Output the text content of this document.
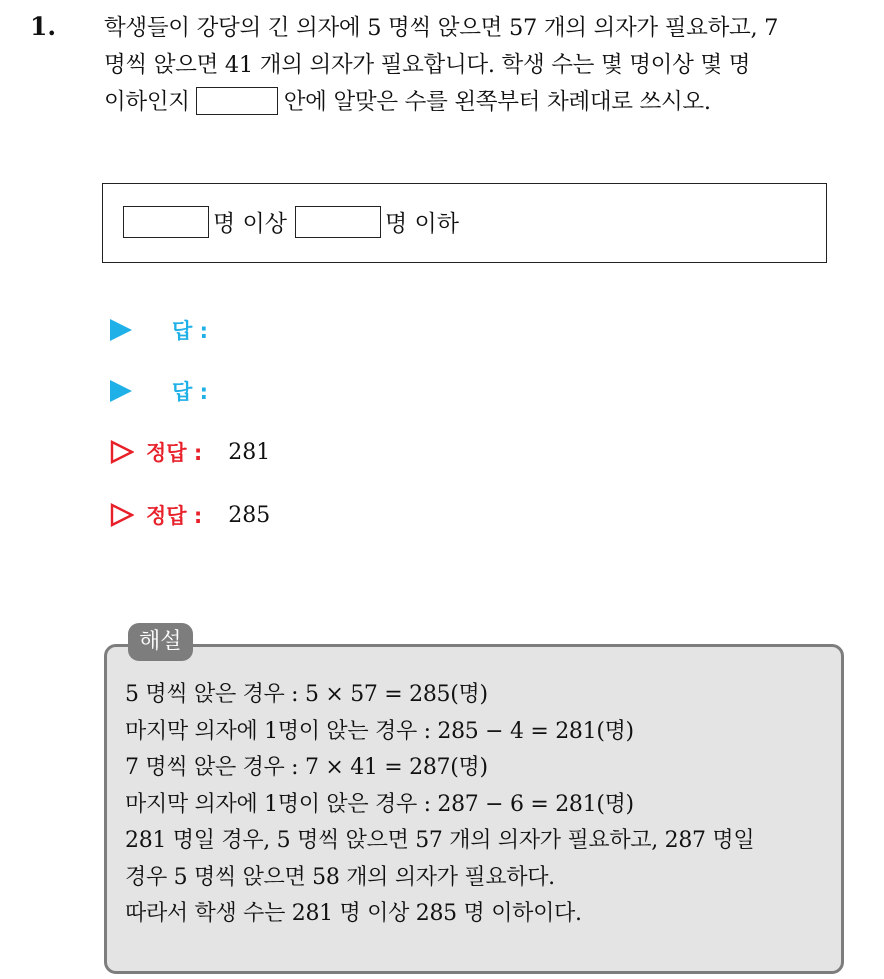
1. 학생들이 강당의 긴 의자에 5 명씩 앉으면 57 개의 의자가 필요하고, 7
명씩 앉으면 41 개의 의자가 필요합니다. 학생 수는 몇 명이상 몇 명
이하인지	안에 알맞은 수를 왼쪽부터 차례대로 쓰시오.
명 이상	명 이하
답 :
답 :
정답 : 281
정답 : 285
5 명씩 앉은 경우 : 5 × 57 = 285(명)
마지막 의자에 1명이 앉는 경우 : 285 − 4 = 281(명)
7 명씩 앉은 경우 : 7 × 41 = 287(명)
마지막 의자에 1명이 앉은 경우 : 287 − 6 = 281(명)
281 명일 경우, 5 명씩 앉으면 57 개의 의자가 필요하고, 287 명일
경우 5 명씩 앉으면 58 개의 의자가 필요하다.
따라서 학생 수는 281 명 이상 285 명 이하이다.
해설
